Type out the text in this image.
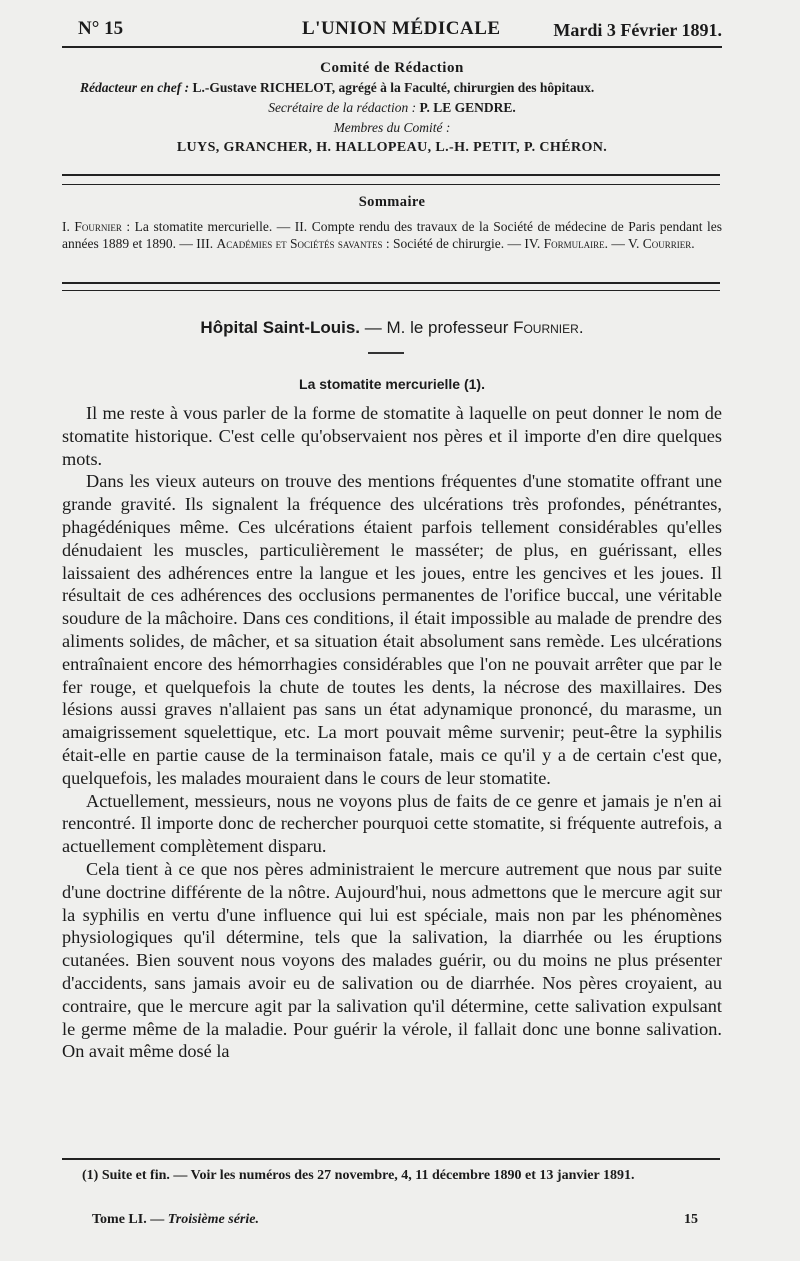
N° 15	L'UNION MÉDICALE	Mardi 3 Février 1891.
Comité de Rédaction
Rédacteur en chef : L.-Gustave RICHELOT, agrégé à la Faculté, chirurgien des hôpitaux.
Secrétaire de la rédaction : P. LE GENDRE.
Membres du Comité :
LUYS, GRANCHER, H. HALLOPEAU, L.-H. PETIT, P. CHÉRON.
Sommaire
I. Fournier : La stomatite mercurielle. — II. Compte rendu des travaux de la Société de médecine de Paris pendant les années 1889 et 1890. — III. Académies et Sociétés savantes : Société de chirurgie. — IV. Formulaire. — V. Courrier.
Hôpital Saint-Louis. — M. le professeur Fournier.
La stomatite mercurielle (1).

Il me reste à vous parler de la forme de stomatite à laquelle on peut donner le nom de stomatite historique. C'est celle qu'observaient nos pères et il importe d'en dire quelques mots.

Dans les vieux auteurs on trouve des mentions fréquentes d'une stomatite offrant une grande gravité. Ils signalent la fréquence des ulcérations très profondes, pénétrantes, phagédéniques même. Ces ulcérations étaient parfois tellement considérables qu'elles dénudaient les muscles, particulièrement le masséter; de plus, en guérissant, elles laissaient des adhérences entre la langue et les joues, entre les gencives et les joues. Il résultait de ces adhérences des occlusions permanentes de l'orifice buccal, une véritable soudure de la mâchoire. Dans ces conditions, il était impossible au malade de prendre des aliments solides, de mâcher, et sa situation était absolument sans remède. Les ulcérations entraînaient encore des hémorrhagies considérables que l'on ne pouvait arrêter que par le fer rouge, et quelquefois la chute de toutes les dents, la nécrose des maxillaires. Des lésions aussi graves n'allaient pas sans un état adynamique prononcé, du marasme, un amaigrissement squelettique, etc. La mort pouvait même survenir; peut-être la syphilis était-elle en partie cause de la terminaison fatale, mais ce qu'il y a de certain c'est que, quelquefois, les malades mouraient dans le cours de leur stomatite.

Actuellement, messieurs, nous ne voyons plus de faits de ce genre et jamais je n'en ai rencontré. Il importe donc de rechercher pourquoi cette stomatite, si fréquente autrefois, a actuellement complètement disparu.

Cela tient à ce que nos pères administraient le mercure autrement que nous par suite d'une doctrine différente de la nôtre. Aujourd'hui, nous admettons que le mercure agit sur la syphilis en vertu d'une influence qui lui est spéciale, mais non par les phénomènes physiologiques qu'il détermine, tels que la salivation, la diarrhée ou les éruptions cutanées. Bien souvent nous voyons des malades guérir, ou du moins ne plus présenter d'accidents, sans jamais avoir eu de salivation ou de diarrhée. Nos pères croyaient, au contraire, que le mercure agit par la salivation qu'il détermine, cette salivation expulsant le germe même de la maladie. Pour guérir la vérole, il fallait donc une bonne salivation. On avait même dosé la

(1) Suite et fin. — Voir les numéros des 27 novembre, 4, 11 décembre 1890 et 13 janvier 1891.
Tome LI. — Troisième série.	15
